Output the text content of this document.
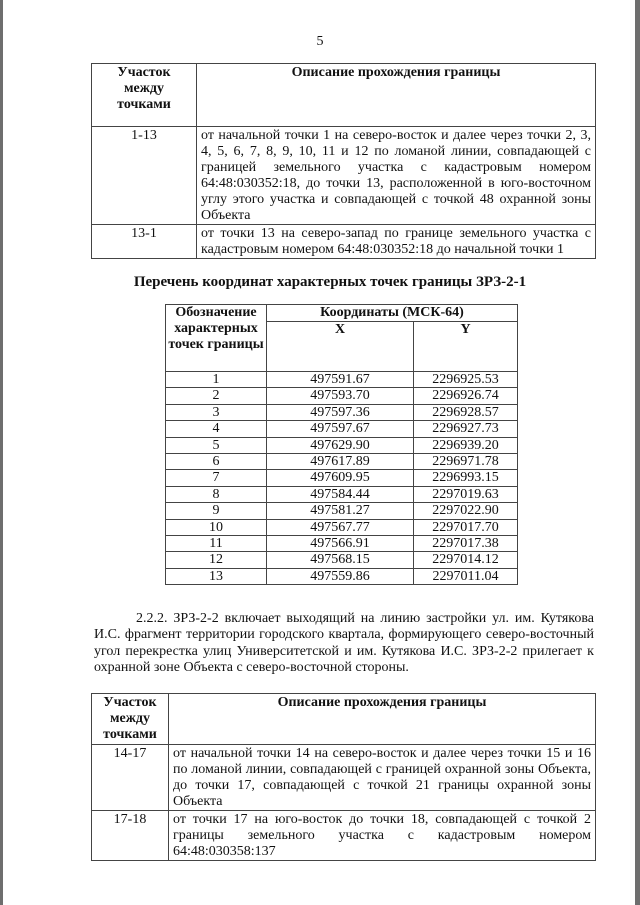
5
Участок между точками	Описание прохождения границы
1-13	от начальной точки 1 на северо-восток и далее через точки 2, 3, 4, 5, 6, 7, 8, 9, 10, 11 и 12 по ломаной линии, совпадающей с границей земельного участка с кадастровым номером 64:48:030352:18, до точки 13, расположенной в юго-восточном углу этого участка и совпадающей с точкой 48 охранной зоны Объекта
13-1	от точки 13 на северо-запад по границе земельного участка с кадастровым номером 64:48:030352:18 до начальной точки 1
Перечень координат характерных точек границы ЗРЗ-2-1
Обозначение характерных точек границы	Координаты (МСК-64)	
	X	Y
1	497591.67	2296925.53
2	497593.70	2296926.74
3	497597.36	2296928.57
4	497597.67	2296927.73
5	497629.90	2296939.20
6	497617.89	2296971.78
7	497609.95	2296993.15
8	497584.44	2297019.63
9	497581.27	2297022.90
10	497567.77	2297017.70
11	497566.91	2297017.38
12	497568.15	2297014.12
13	497559.86	2297011.04

2.2.2. ЗРЗ-2-2 включает выходящий на линию застройки ул. им. Кутякова И.С. фрагмент территории городского квартала, формирующего северо-восточный угол перекрестка улиц Университетской и им. Кутякова И.С. ЗРЗ-2-2 прилегает к охранной зоне Объекта с северо-восточной стороны.

Участок между точками	Описание прохождения границы
14-17	от начальной точки 14 на северо-восток и далее через точки 15 и 16 по ломаной линии, совпадающей с границей охранной зоны Объекта, до точки 17, совпадающей с точкой 21 границы охранной зоны Объекта
17-18	от точки 17 на юго-восток до точки 18, совпадающей с точкой 2 границы земельного участка с кадастровым номером 64:48:030358:137
